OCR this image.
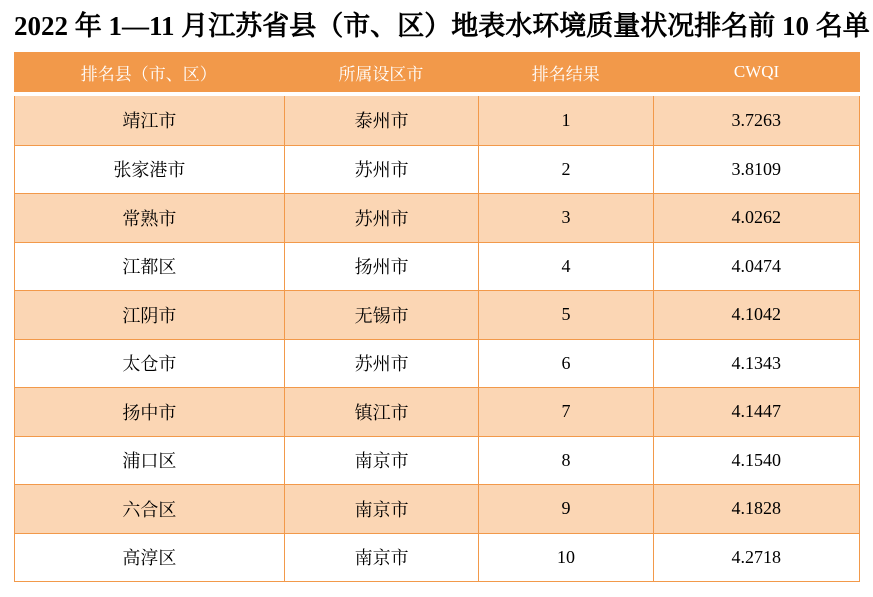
2022 年 1—11 月江苏省县（市、区）地表水环境质量状况排名前 10 名单
排名县（市、区）	所属设区市	排名结果	CWQI
靖江市	泰州市	1	3.7263
张家港市	苏州市	2	3.8109
常熟市	苏州市	3	4.0262
江都区	扬州市	4	4.0474
江阴市	无锡市	5	4.1042
太仓市	苏州市	6	4.1343
扬中市	镇江市	7	4.1447
浦口区	南京市	8	4.1540
六合区	南京市	9	4.1828
高淳区	南京市	10	4.2718
